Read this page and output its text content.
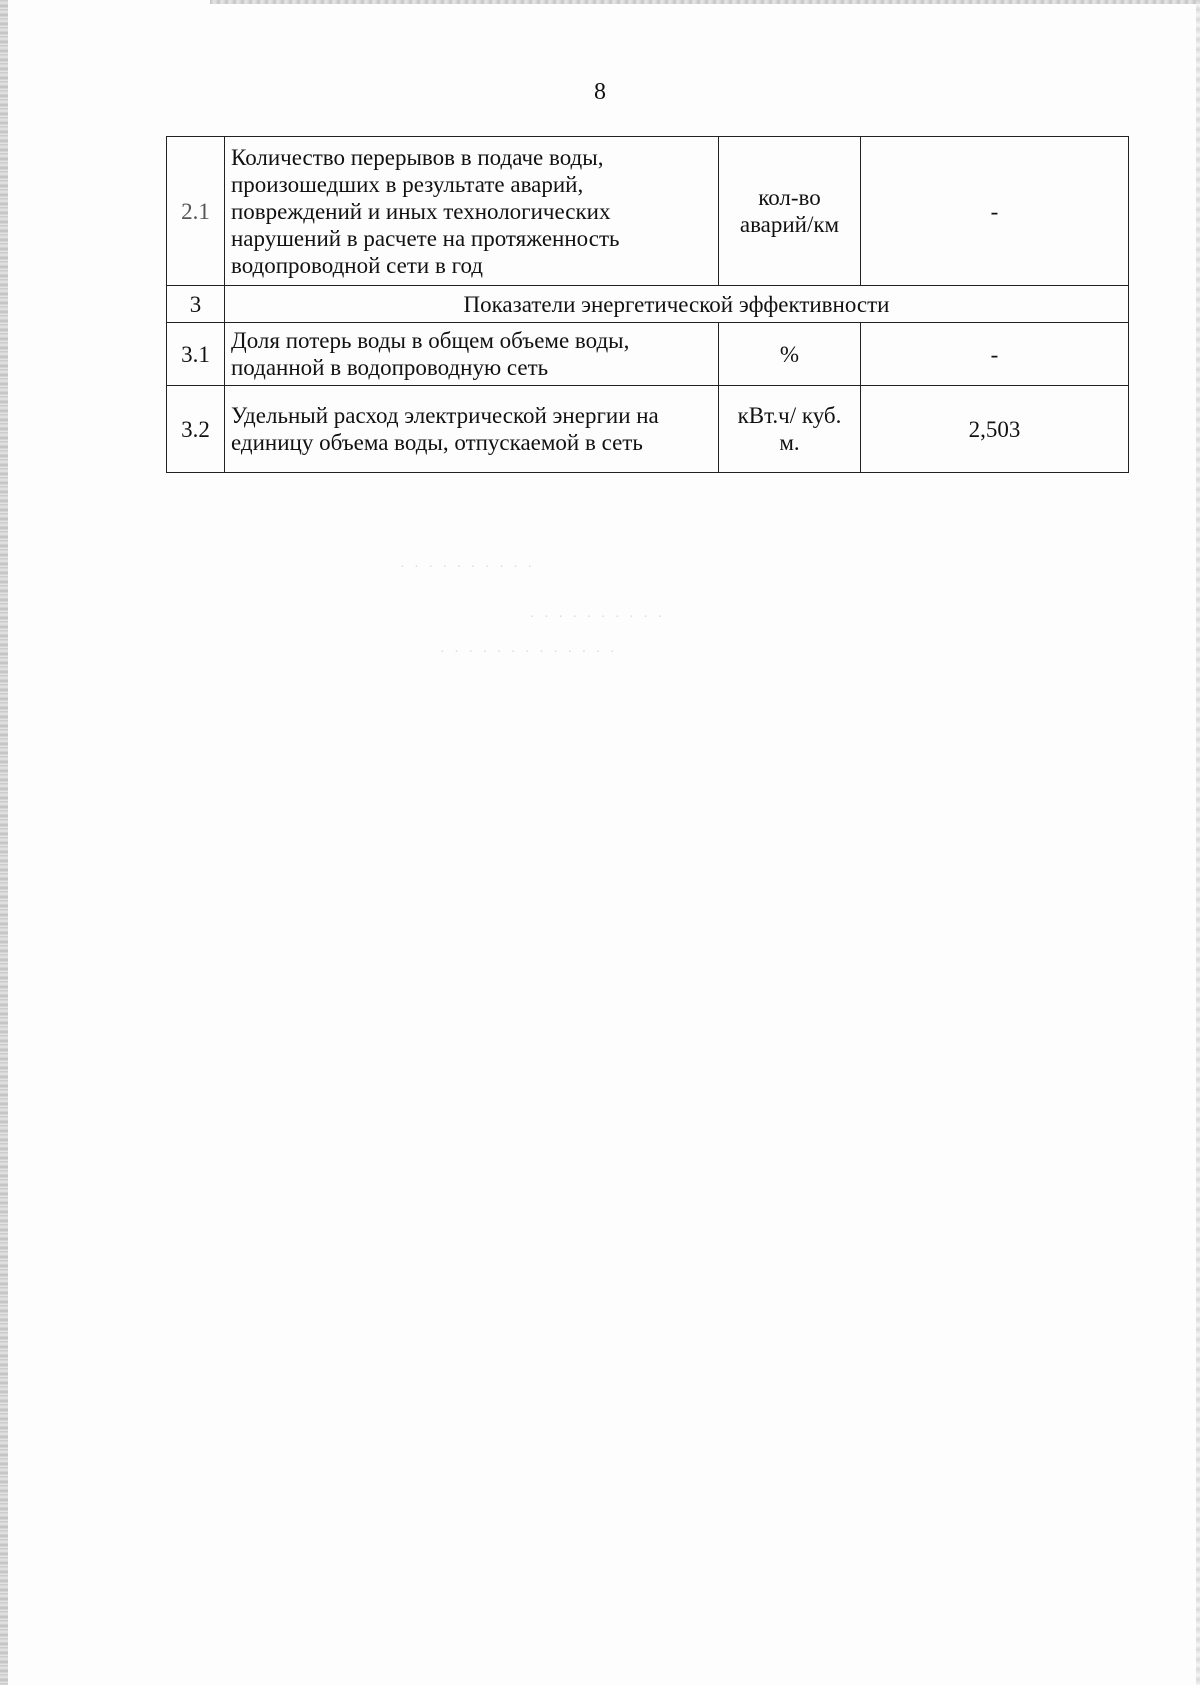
8
2.1	Количество перерывов в подаче воды, произошедших в результате аварий, повреждений и иных технологических нарушений в расчете на протяженность водопроводной сети в год	кол-во аварий/км	-
3	Показатели энергетической эффективности		
3.1	Доля потерь воды в общем объеме воды, поданной в водопроводную сеть	%	-
3.2	Удельный расход электрической энергии на единицу объема воды, отпускаемой в сеть	кВт.ч/ куб. м.	2,503
· · · · · · · · · ·
· · · · · · · · · ·
· · · · · · · · · · · · ·
